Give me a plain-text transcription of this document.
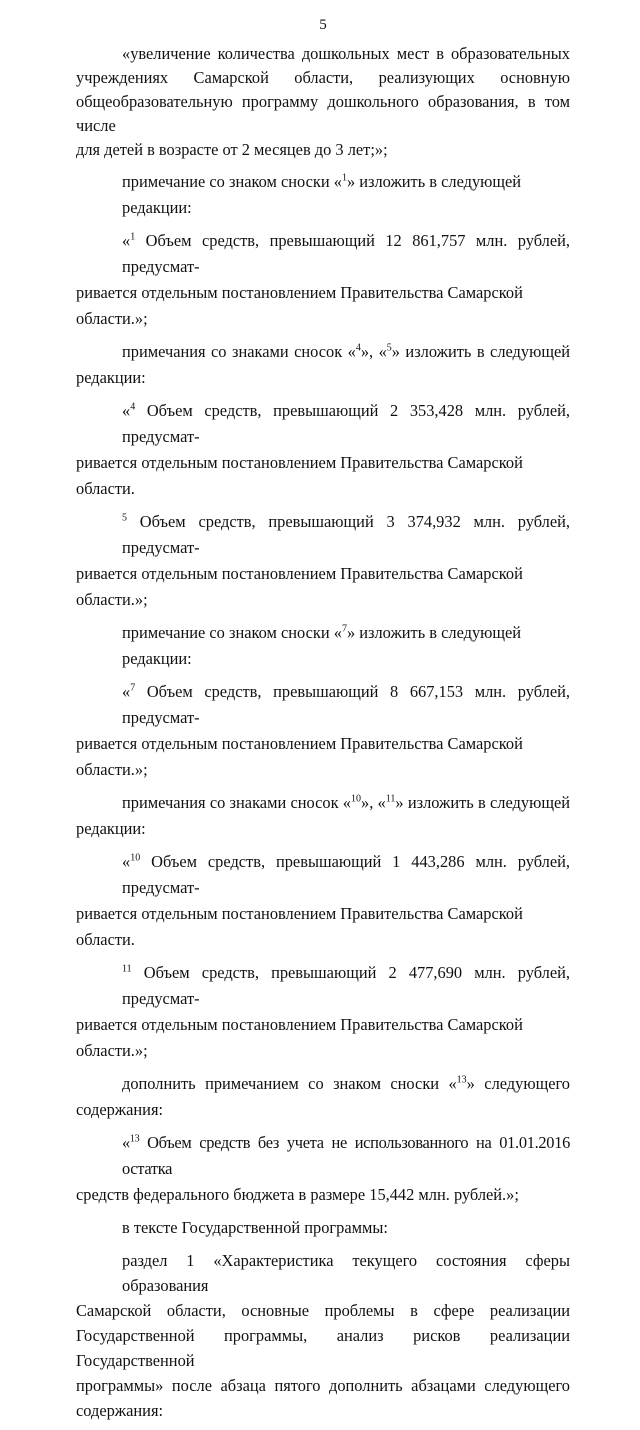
5
«увеличение количества дошкольных мест в образовательных
учреждениях Самарской области, реализующих основную
общеобразовательную программу дошкольного образования, в том числе
для детей в возрасте от 2 месяцев до 3 лет;»;
примечание со знаком сноски «$^1$» изложить в следующей редакции:
«$^1$ Объем средств, превышающий 12 861,757 млн. рублей, предусмат-
ривается отдельным постановлением Правительства Самарской области.»;
примечания со знаками сносок «$^4$», «$^5$» изложить в следующей
редакции:
«$^4$ Объем средств, превышающий 2 353,428 млн. рублей, предусмат-
ривается отдельным постановлением Правительства Самарской области.
$^5$ Объем средств, превышающий 3 374,932 млн. рублей, предусмат-
ривается отдельным постановлением Правительства Самарской области.»;
примечание со знаком сноски «$^7$» изложить в следующей редакции:
«$^7$ Объем средств, превышающий 8 667,153 млн. рублей, предусмат-
ривается отдельным постановлением Правительства Самарской области.»;
примечания со знаками сносок «$^{10}$», «$^{11}$» изложить в следующей
редакции:
«$^{10}$ Объем средств, превышающий 1 443,286 млн. рублей, предусмат-
ривается отдельным постановлением Правительства Самарской области.
$^{11}$ Объем средств, превышающий 2 477,690 млн. рублей, предусмат-
ривается отдельным постановлением Правительства Самарской области.»;
дополнить примечанием со знаком сноски «$^{13}$» следующего
содержания:
«$^{13}$ Объем средств без учета не использованного на 01.01.2016 остатка
средств федерального бюджета в размере 15,442 млн. рублей.»;
в тексте Государственной программы:
раздел 1 «Характеристика текущего состояния сферы образования
Самарской области, основные проблемы в сфере реализации
Государственной программы, анализ рисков реализации Государственной
программы» после абзаца пятого дополнить абзацами следующего
содержания:
